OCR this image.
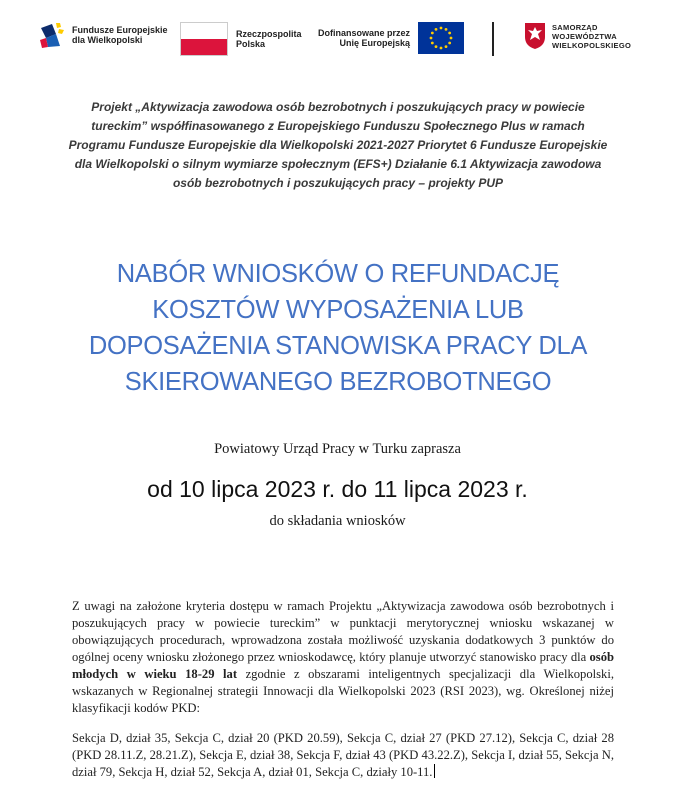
Fundusze Europejskie dla Wielkopolski
Rzeczpospolita Polska
Dofinansowane przez Unię Europejską
SAMORZĄD WOJEWÓDZTWA WIELKOPOLSKIEGO
Projekt „Aktywizacja zawodowa osób bezrobotnych i poszukujących pracy w powiecie tureckim” współfinasowanego z Europejskiego Funduszu Społecznego Plus w ramach Programu Fundusze Europejskie dla Wielkopolski 2021-2027 Priorytet 6 Fundusze Europejskie dla Wielkopolski o silnym wymiarze społecznym (EFS+) Działanie 6.1 Aktywizacja zawodowa osób bezrobotnych i poszukujących pracy – projekty PUP
NABÓR WNIOSKÓW O REFUNDACJĘ
KOSZTÓW WYPOSAŻENIA LUB
DOPOSAŻENIA STANOWISKA PRACY DLA
SKIEROWANEGO BEZROBOTNEGO
Powiatowy Urząd Pracy w Turku zaprasza
od 10 lipca 2023 r. do 11 lipca 2023 r.
do składania wniosków
Z uwagi na założone kryteria dostępu w ramach Projektu „Aktywizacja zawodowa osób bezrobotnych i poszukujących pracy w powiecie tureckim” w punktacji merytorycznej wniosku wskazanej w obowiązujących procedurach, wprowadzona została możliwość uzyskania dodatkowych 3 punktów do ogólnej oceny wniosku złożonego przez wnioskodawcę, który planuje utworzyć stanowisko pracy dla osób młodych w wieku 18-29 lat zgodnie z obszarami inteligentnych specjalizacji dla Wielkopolski, wskazanych w Regionalnej strategii Innowacji dla Wielkopolski 2023 (RSI 2023), wg. Określonej niżej klasyfikacji kodów PKD:
Sekcja D, dział 35, Sekcja C, dział 20 (PKD 20.59), Sekcja C, dział 27 (PKD 27.12), Sekcja C, dział 28 (PKD 28.11.Z, 28.21.Z), Sekcja E, dział 38, Sekcja F, dział 43 (PKD 43.22.Z), Sekcja I, dział 55, Sekcja N, dział 79, Sekcja H, dział 52, Sekcja A, dział 01, Sekcja C, działy 10-11.
